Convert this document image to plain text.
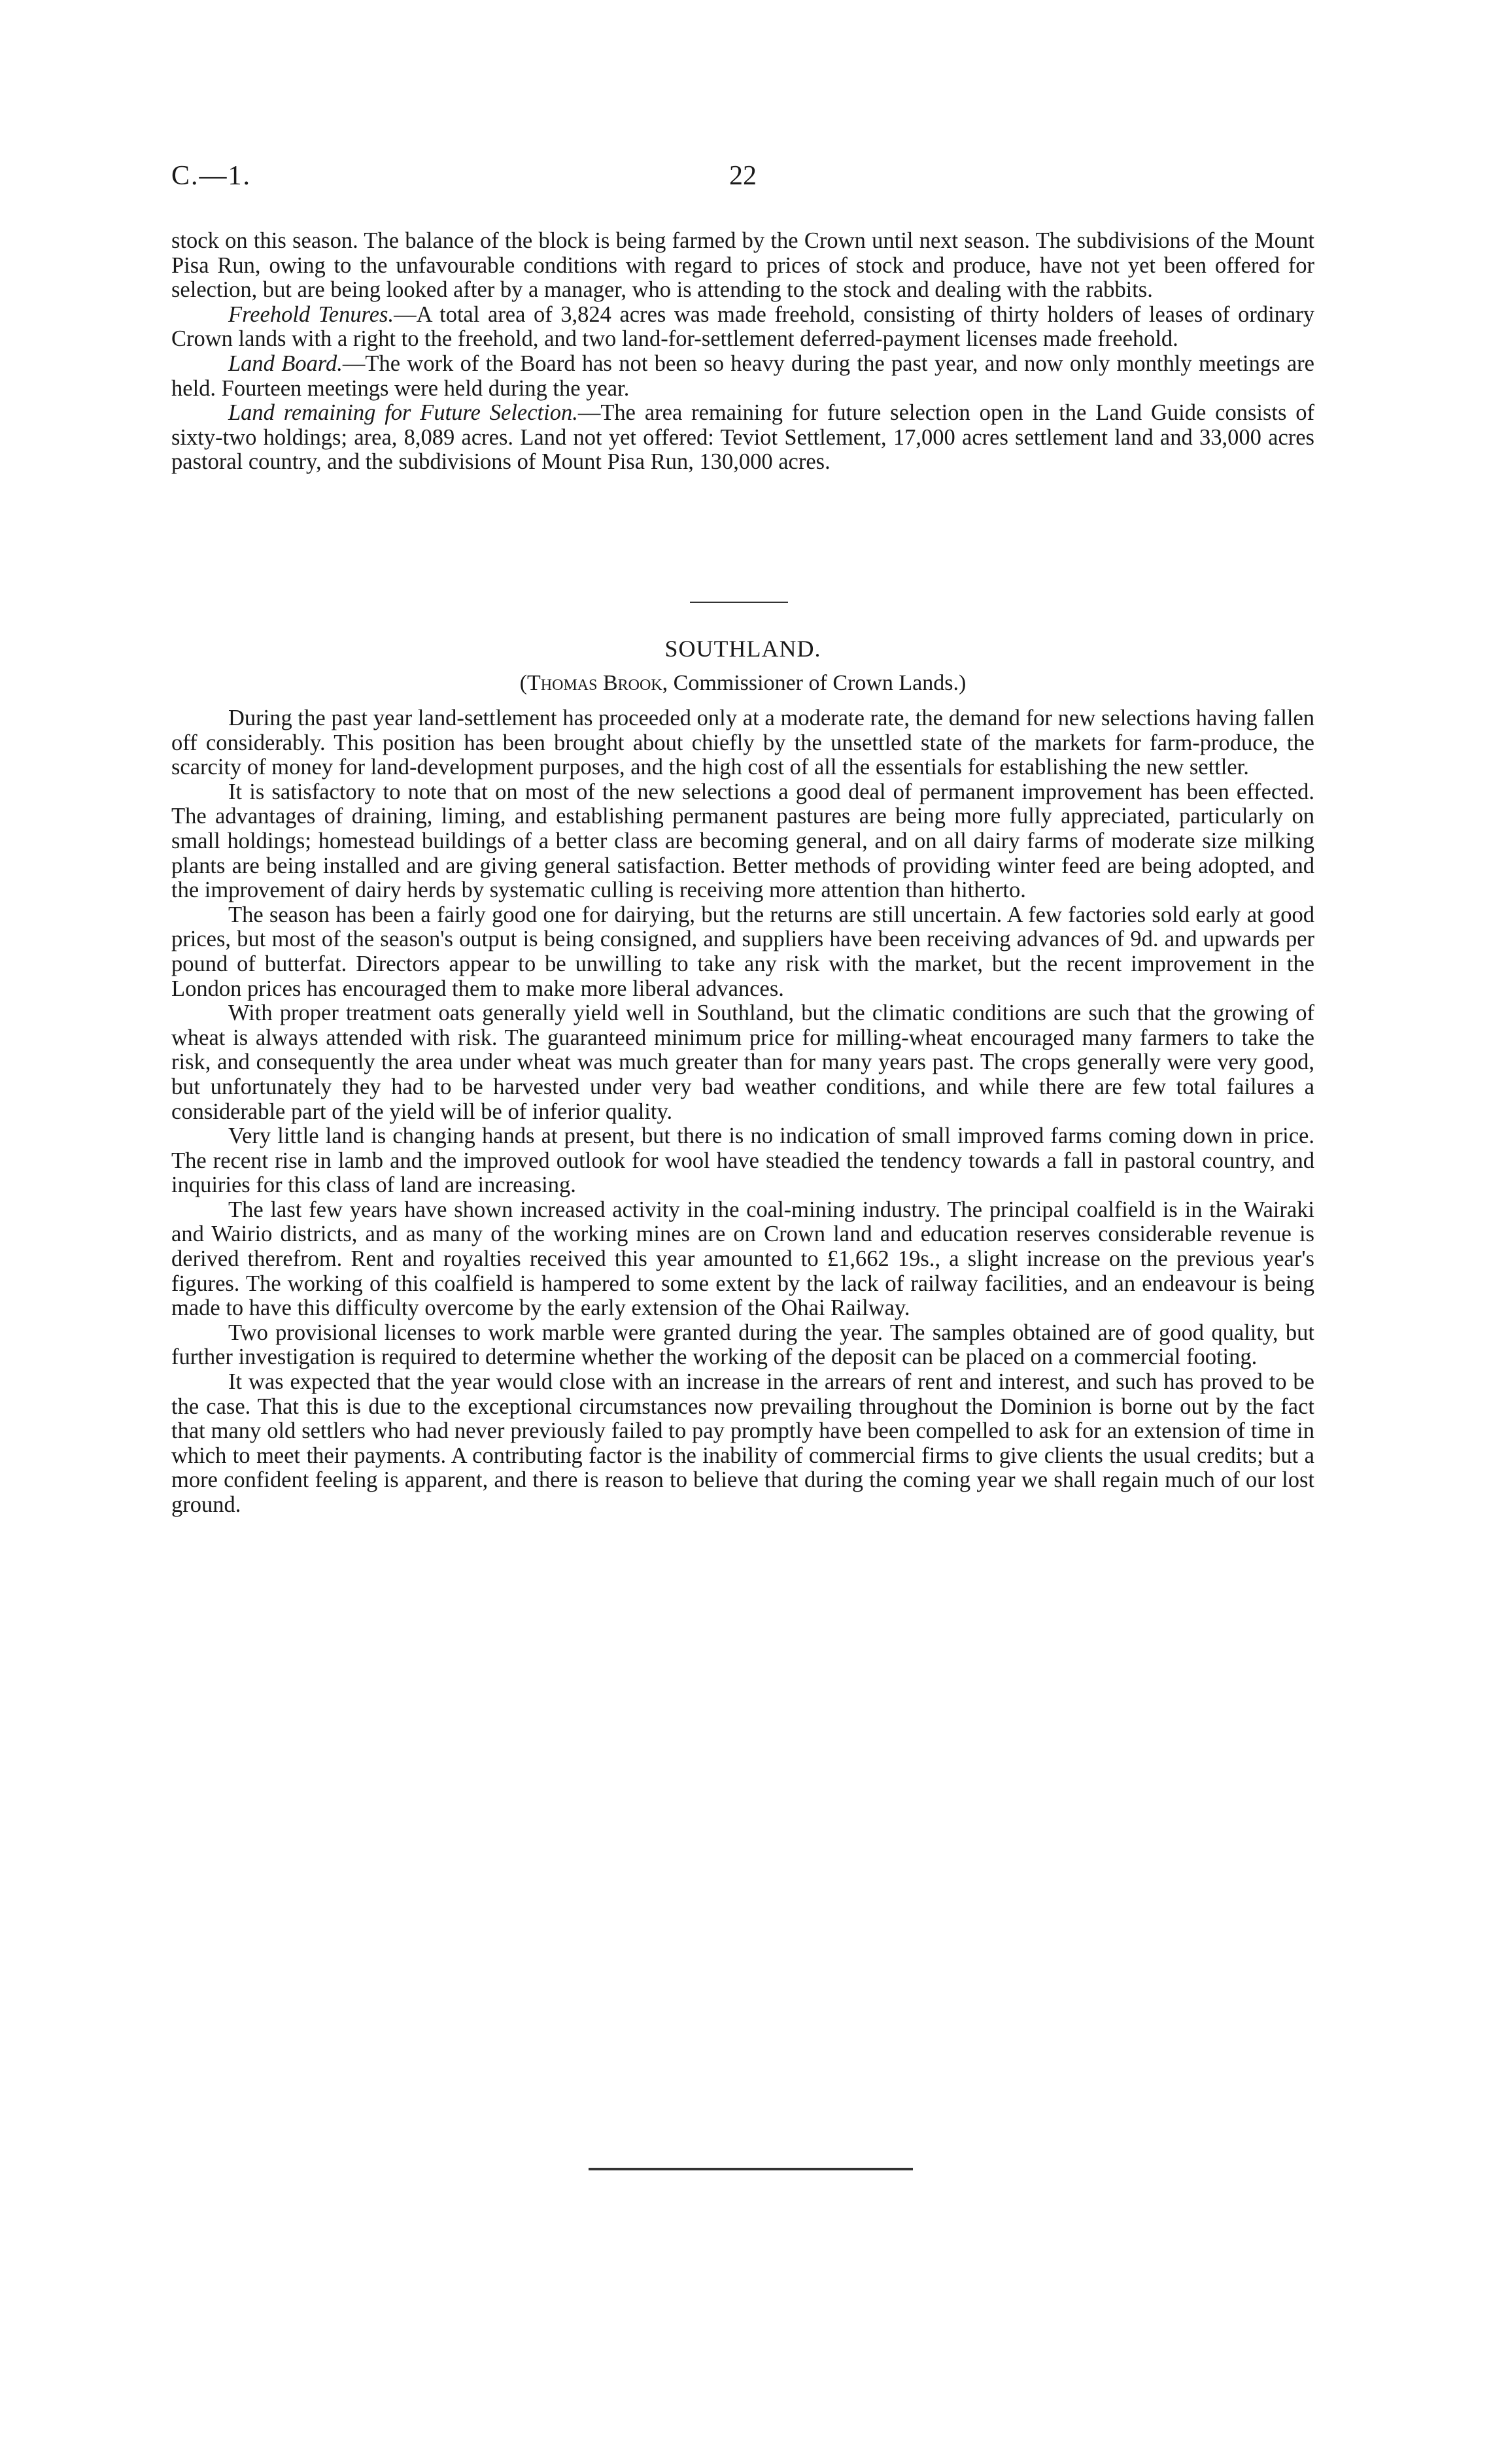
C.—1.	22

stock on this season. The balance of the block is being farmed by the Crown until next season. The subdivisions of the Mount Pisa Run, owing to the unfavourable conditions with regard to prices of stock and produce, have not yet been offered for selection, but are being looked after by a manager, who is attending to the stock and dealing with the rabbits.

Freehold Tenures.—A total area of 3,824 acres was made freehold, consisting of thirty holders of leases of ordinary Crown lands with a right to the freehold, and two land-for-settlement deferred-payment licenses made freehold.

Land Board.—The work of the Board has not been so heavy during the past year, and now only monthly meetings are held. Fourteen meetings were held during the year.

Land remaining for Future Selection.—The area remaining for future selection open in the Land Guide consists of sixty-two holdings; area, 8,089 acres. Land not yet offered: Teviot Settlement, 17,000 acres settlement land and 33,000 acres pastoral country, and the subdivisions of Mount Pisa Run, 130,000 acres.

SOUTHLAND.
(Thomas Brook, Commissioner of Crown Lands.)

During the past year land-settlement has proceeded only at a moderate rate, the demand for new selections having fallen off considerably. This position has been brought about chiefly by the unsettled state of the markets for farm-produce, the scarcity of money for land-development purposes, and the high cost of all the essentials for establishing the new settler.

It is satisfactory to note that on most of the new selections a good deal of permanent improvement has been effected. The advantages of draining, liming, and establishing permanent pastures are being more fully appreciated, particularly on small holdings; homestead buildings of a better class are becoming general, and on all dairy farms of moderate size milking plants are being installed and are giving general satisfaction. Better methods of providing winter feed are being adopted, and the improvement of dairy herds by systematic culling is receiving more attention than hitherto.

The season has been a fairly good one for dairying, but the returns are still uncertain. A few factories sold early at good prices, but most of the season's output is being consigned, and suppliers have been receiving advances of 9d. and upwards per pound of butterfat. Directors appear to be unwilling to take any risk with the market, but the recent improvement in the London prices has encouraged them to make more liberal advances.

With proper treatment oats generally yield well in Southland, but the climatic conditions are such that the growing of wheat is always attended with risk. The guaranteed minimum price for milling-wheat encouraged many farmers to take the risk, and consequently the area under wheat was much greater than for many years past. The crops generally were very good, but unfortunately they had to be harvested under very bad weather conditions, and while there are few total failures a considerable part of the yield will be of inferior quality.

Very little land is changing hands at present, but there is no indication of small improved farms coming down in price. The recent rise in lamb and the improved outlook for wool have steadied the tendency towards a fall in pastoral country, and inquiries for this class of land are increasing.

The last few years have shown increased activity in the coal-mining industry. The principal coalfield is in the Wairaki and Wairio districts, and as many of the working mines are on Crown land and education reserves considerable revenue is derived therefrom. Rent and royalties received this year amounted to £1,662 19s., a slight increase on the previous year's figures. The working of this coalfield is hampered to some extent by the lack of railway facilities, and an endeavour is being made to have this difficulty overcome by the early extension of the Ohai Railway.

Two provisional licenses to work marble were granted during the year. The samples obtained are of good quality, but further investigation is required to determine whether the working of the deposit can be placed on a commercial footing.

It was expected that the year would close with an increase in the arrears of rent and interest, and such has proved to be the case. That this is due to the exceptional circumstances now prevailing throughout the Dominion is borne out by the fact that many old settlers who had never previously failed to pay promptly have been compelled to ask for an extension of time in which to meet their payments. A contributing factor is the inability of commercial firms to give clients the usual credits; but a more confident feeling is apparent, and there is reason to believe that during the coming year we shall regain much of our lost ground.
